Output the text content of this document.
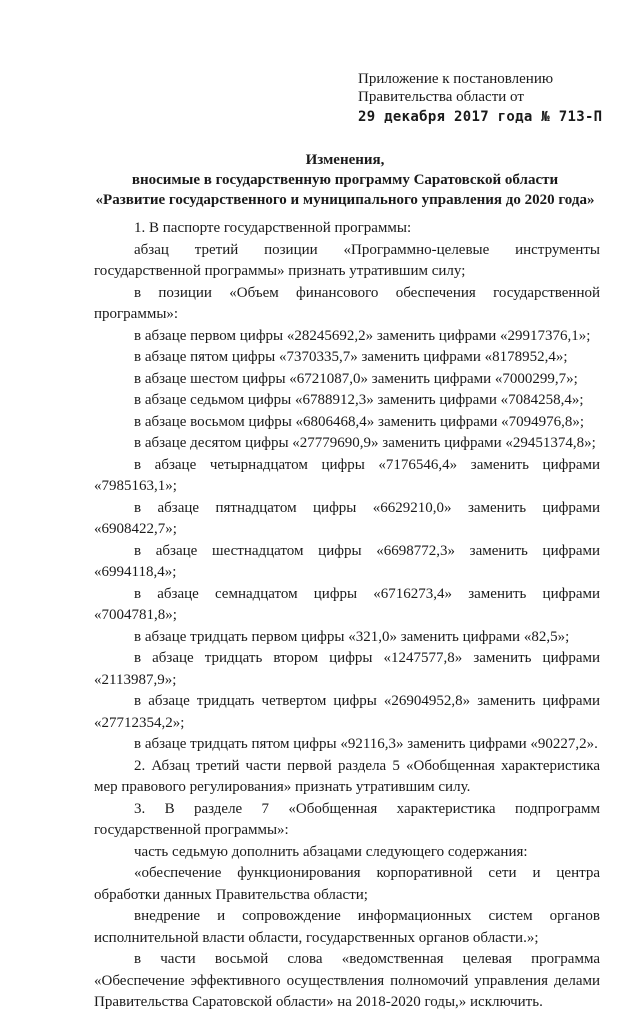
Приложение к постановлению
Правительства области от
29 декабря 2017 года № 713-П
Изменения,
вносимые в государственную программу Саратовской области
«Развитие государственного и муниципального управления до 2020 года»

1. В паспорте государственной программы:

абзац третий позиции «Программно-целевые инструменты государственной программы» признать утратившим силу;

в позиции «Объем финансового обеспечения государственной программы»:

в абзаце первом цифры «28245692,2» заменить цифрами «29917376,1»;

в абзаце пятом цифры «7370335,7» заменить цифрами «8178952,4»;

в абзаце шестом цифры «6721087,0» заменить цифрами «7000299,7»;

в абзаце седьмом цифры «6788912,3» заменить цифрами «7084258,4»;

в абзаце восьмом цифры «6806468,4» заменить цифрами «7094976,8»;

в абзаце десятом цифры «27779690,9» заменить цифрами «29451374,8»;

в абзаце четырнадцатом цифры «7176546,4» заменить цифрами «7985163,1»;

в абзаце пятнадцатом цифры «6629210,0» заменить цифрами «6908422,7»;

в абзаце шестнадцатом цифры «6698772,3» заменить цифрами «6994118,4»;

в абзаце семнадцатом цифры «6716273,4» заменить цифрами «7004781,8»;

в абзаце тридцать первом цифры «321,0» заменить цифрами «82,5»;

в абзаце тридцать втором цифры «1247577,8» заменить цифрами «2113987,9»;

в абзаце тридцать четвертом цифры «26904952,8» заменить цифрами «27712354,2»;

в абзаце тридцать пятом цифры «92116,3» заменить цифрами «90227,2».

2. Абзац третий части первой раздела 5 «Обобщенная характеристика мер правового регулирования» признать утратившим силу.

3. В разделе 7 «Обобщенная характеристика подпрограмм государственной программы»:

часть седьмую дополнить абзацами следующего содержания:

«обеспечение функционирования корпоративной сети и центра обработки данных Правительства области;

внедрение и сопровождение информационных систем органов исполнительной власти области, государственных органов области.»;

в части восьмой слова «ведомственная целевая программа «Обеспечение эффективного осуществления полномочий управления делами Правительства Саратовской области» на 2018-2020 годы,» исключить.
